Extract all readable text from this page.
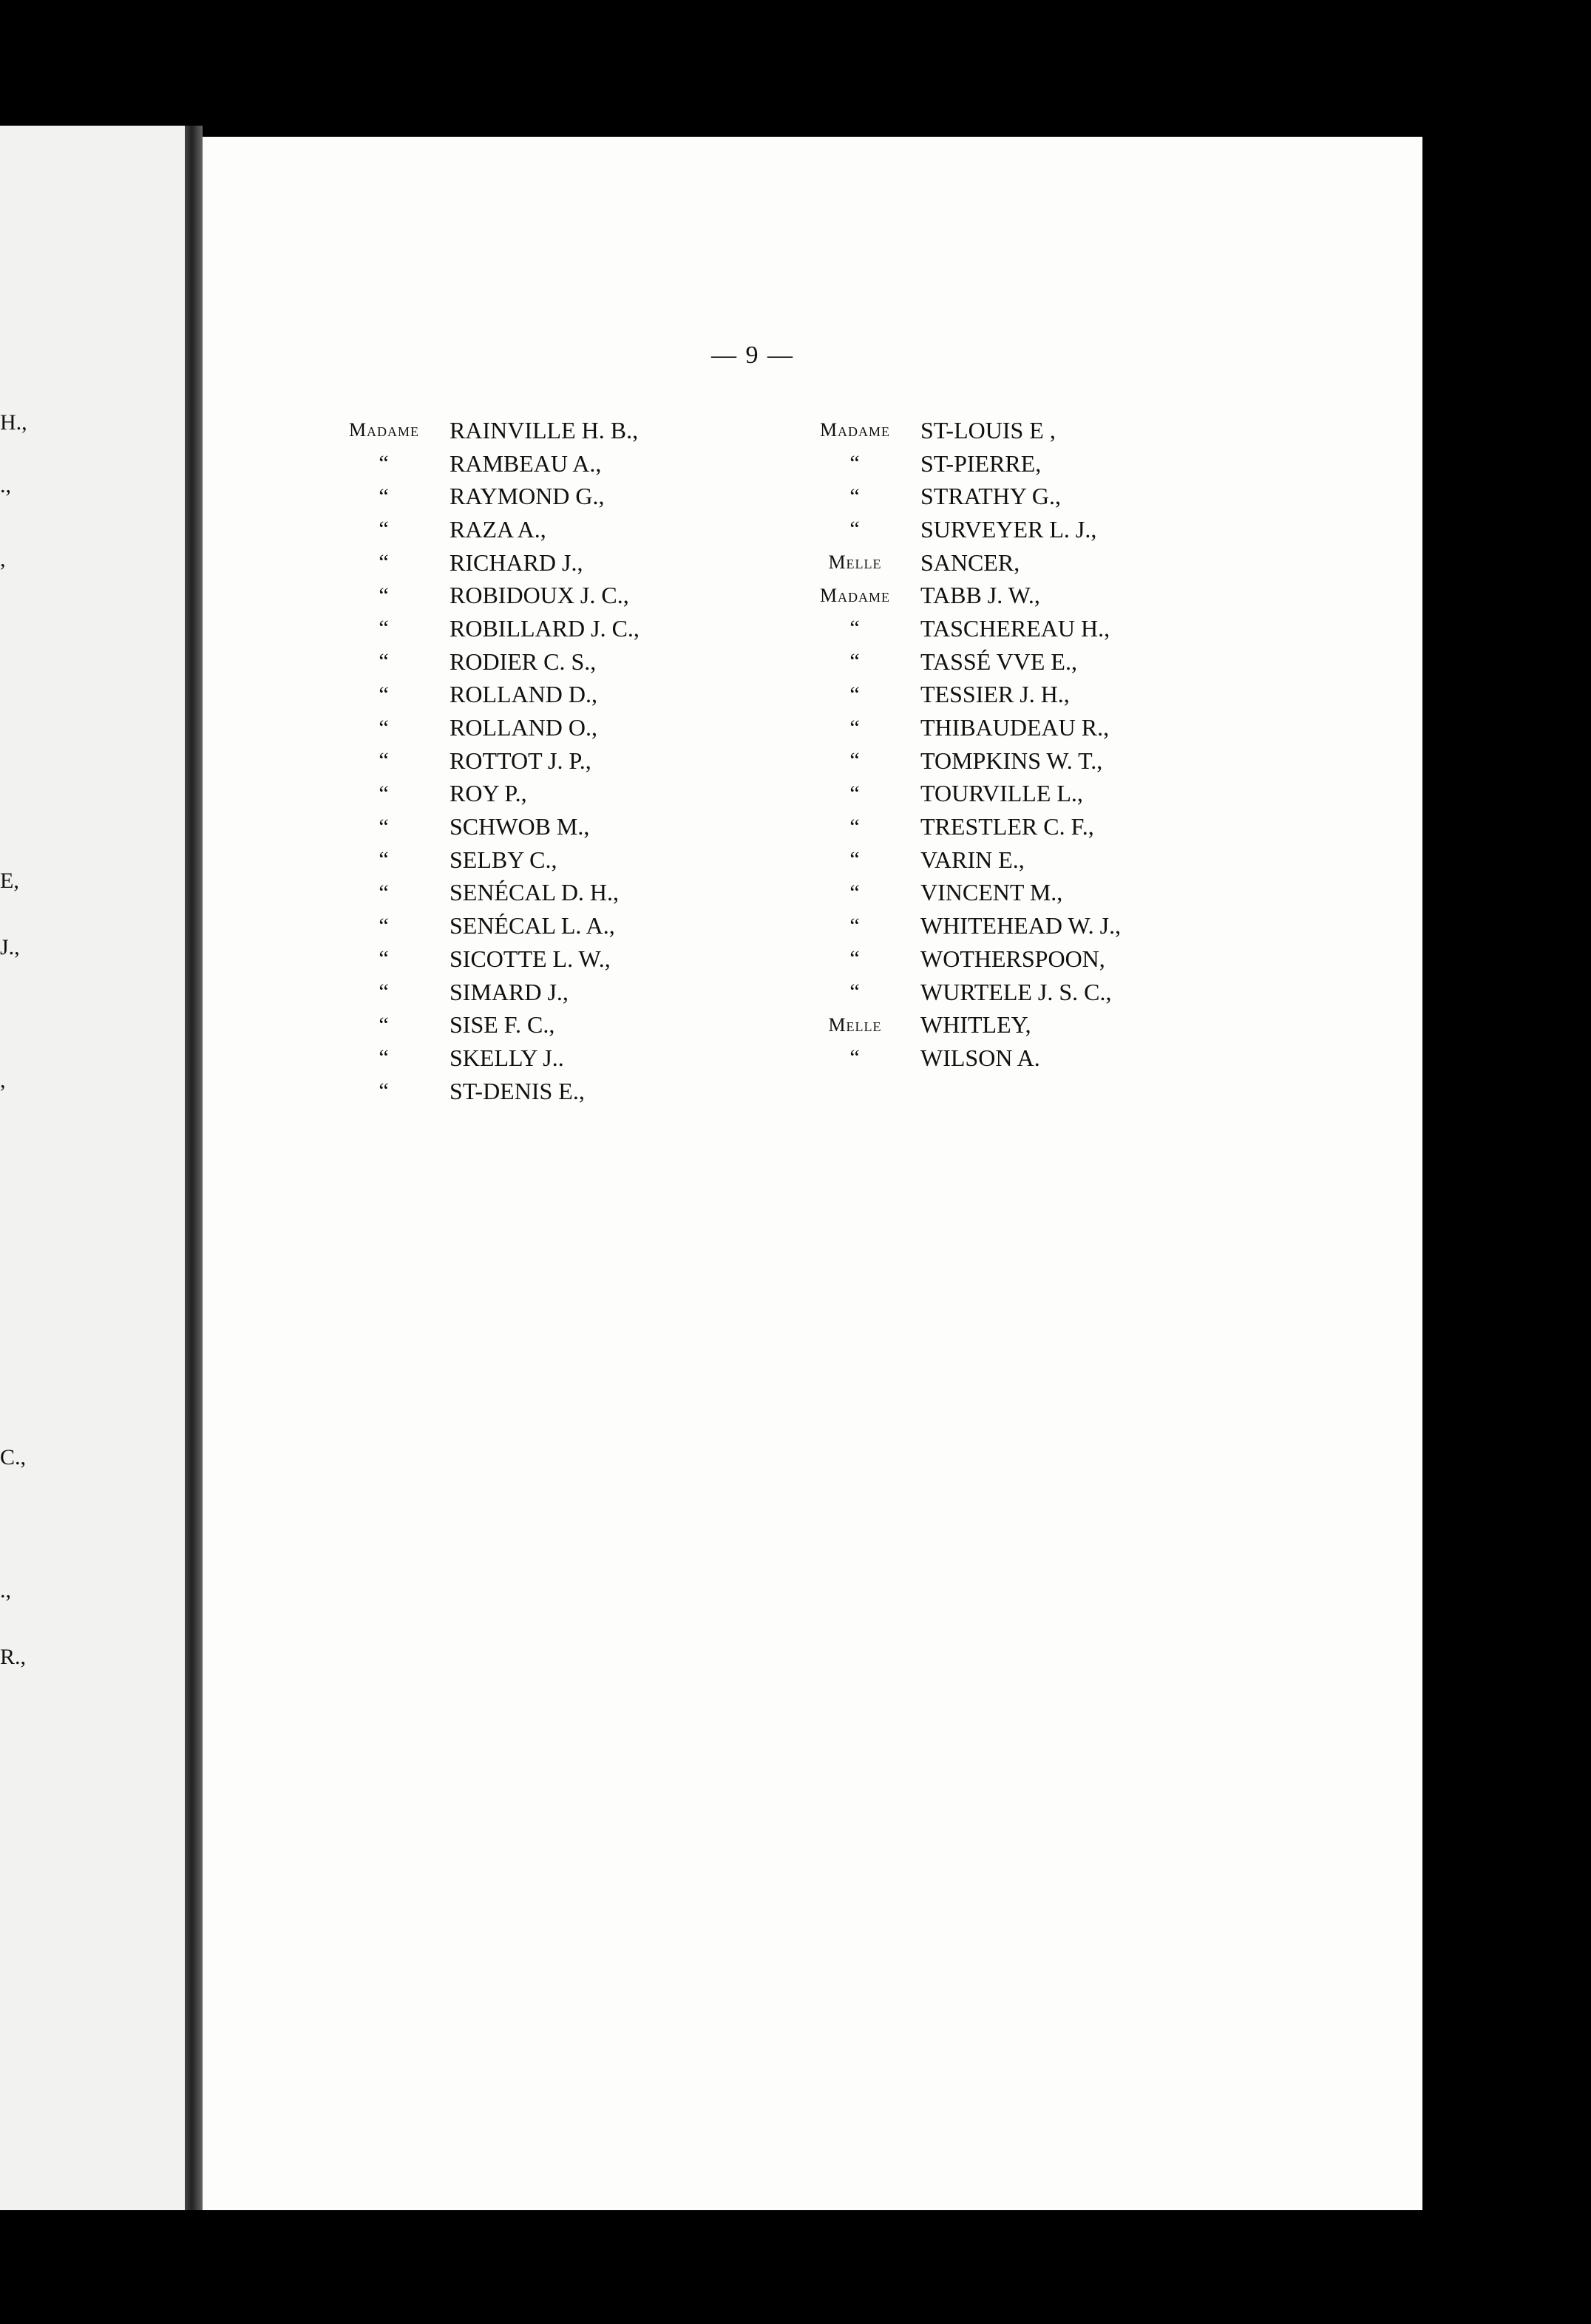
H.,
.,
,
E,
J.,
,
C.,
.,
R.,
— 9 —
Madame	RAINVILLE H. B.,
“	RAMBEAU A.,
“	RAYMOND G.,
“	RAZA A.,
“	RICHARD J.,
“	ROBIDOUX J. C.,
“	ROBILLARD J. C.,
“	RODIER C. S.,
“	ROLLAND D.,
“	ROLLAND O.,
“	ROTTOT J. P.,
“	ROY P.,
“	SCHWOB M.,
“	SELBY C.,
“	SENÉCAL D. H.,
“	SENÉCAL L. A.,
“	SICOTTE L. W.,
“	SIMARD J.,
“	SISE F. C.,
“	SKELLY J..
“	ST-DENIS E.,
Madame	ST-LOUIS E ,
“	ST-PIERRE,
“	STRATHY G.,
“	SURVEYER L. J.,
Melle	SANCER,
Madame	TABB J. W.,
“	TASCHEREAU H.,
“	TASSÉ VVE E.,
“	TESSIER J. H.,
“	THIBAUDEAU R.,
“	TOMPKINS W. T.,
“	TOURVILLE L.,
“	TRESTLER C. F.,
“	VARIN E.,
“	VINCENT M.,
“	WHITEHEAD W. J.,
“	WOTHERSPOON,
“	WURTELE J. S. C.,
Melle	WHITLEY,
“	WILSON A.
